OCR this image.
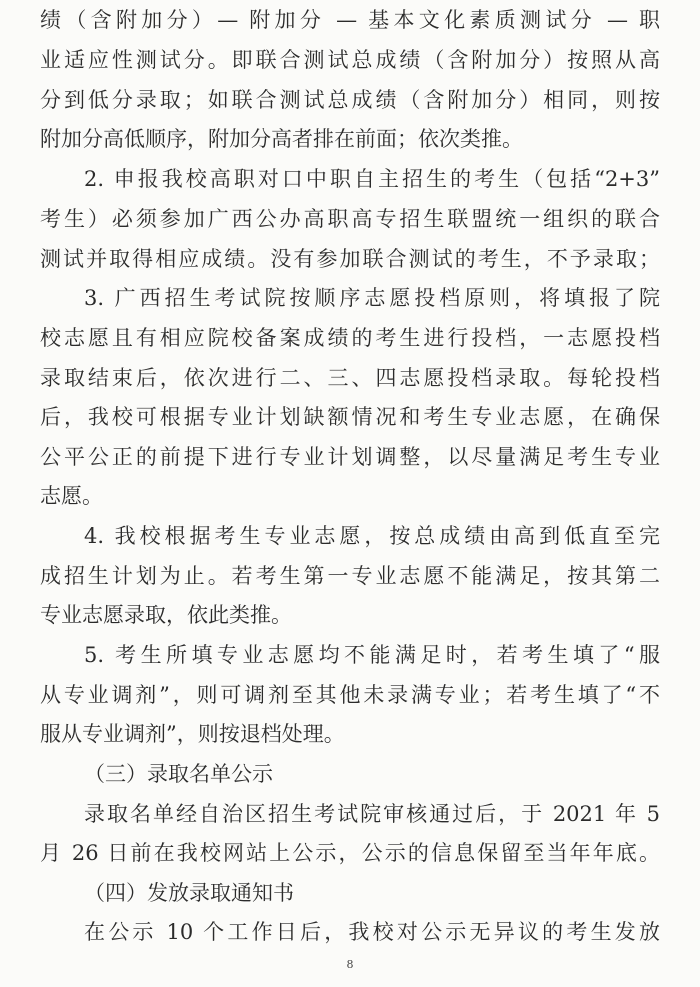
绩（含附加分）— 附加分 — 基本文化素质测试分 — 职
业适应性测试分。即联合测试总成绩（含附加分）按照从高
分到低分录取；如联合测试总成绩（含附加分）相同，则按
附加分高低顺序，附加分高者排在前面；依次类推。
2. 申报我校高职对口中职自主招生的考生（包括“2+3”
考生）必须参加广西公办高职高专招生联盟统一组织的联合
测试并取得相应成绩。没有参加联合测试的考生，不予录取；
3. 广西招生考试院按顺序志愿投档原则，将填报了院
校志愿且有相应院校备案成绩的考生进行投档，一志愿投档
录取结束后，依次进行二、三、四志愿投档录取。每轮投档
后，我校可根据专业计划缺额情况和考生专业志愿，在确保
公平公正的前提下进行专业计划调整，以尽量满足考生专业
志愿。
4. 我校根据考生专业志愿，按总成绩由高到低直至完
成招生计划为止。若考生第一专业志愿不能满足，按其第二
专业志愿录取，依此类推。
5. 考生所填专业志愿均不能满足时，若考生填了“服
从专业调剂”，则可调剂至其他未录满专业；若考生填了“不
服从专业调剂”，则按退档处理。
（三）录取名单公示
录取名单经自治区招生考试院审核通过后，于 2021 年 5
月 26 日前在我校网站上公示，公示的信息保留至当年年底。
（四）发放录取通知书
在公示 10 个工作日后，我校对公示无异议的考生发放
8
